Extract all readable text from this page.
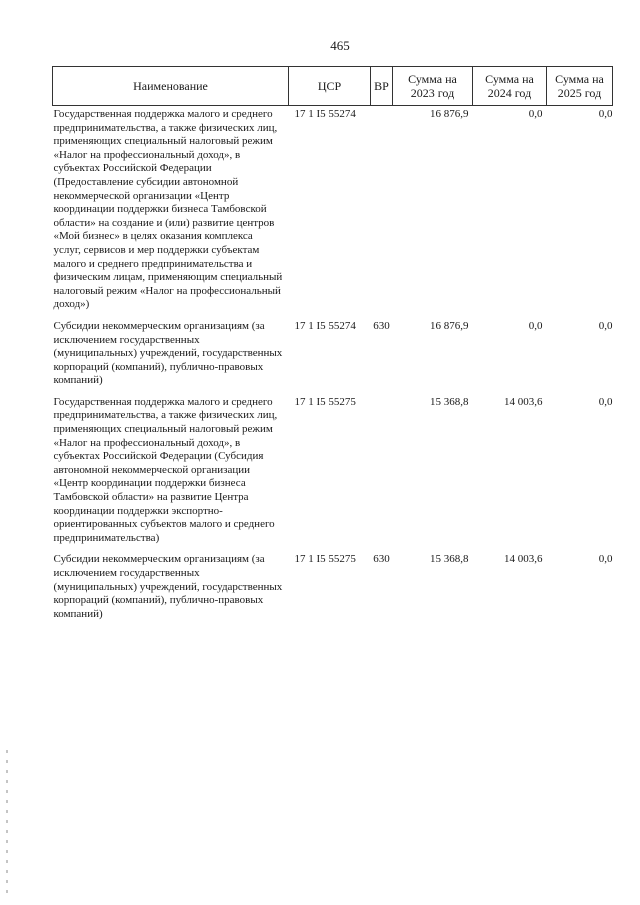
465
Наименование	ЦСР	ВР	Сумма на 2023 год	Сумма на 2024 год	Сумма на 2025 год
Государственная поддержка малого и среднего предпринимательства, а также физических лиц, применяющих специальный налоговый режим «Налог на профессиональный доход», в субъектах Российской Федерации (Предоставление субсидии автономной некоммерческой организации «Центр координации поддержки бизнеса Тамбовской области» на создание и (или) развитие центров «Мой бизнес» в целях оказания комплекса услуг, сервисов и мер поддержки субъектам малого и среднего предпринимательства и физическим лицам, применяющим специальный налоговый режим «Налог на профессиональный доход»)	17 1 I5 55274		16 876,9	0,0	0,0
Субсидии некоммерческим организациям (за исключением государственных (муниципальных) учреждений, государственных корпораций (компаний), публично-правовых компаний)	17 1 I5 55274	630	16 876,9	0,0	0,0
Государственная поддержка малого и среднего предпринимательства, а также физических лиц, применяющих специальный налоговый режим «Налог на профессиональный доход», в субъектах Российской Федерации (Субсидия автономной некоммерческой организации «Центр координации поддержки бизнеса Тамбовской области» на развитие Центра координации поддержки экспортно-ориентированных субъектов малого и среднего предпринимательства)	17 1 I5 55275		15 368,8	14 003,6	0,0
Субсидии некоммерческим организациям (за исключением государственных (муниципальных) учреждений, государственных корпораций (компаний), публично-правовых компаний)	17 1 I5 55275	630	15 368,8	14 003,6	0,0
